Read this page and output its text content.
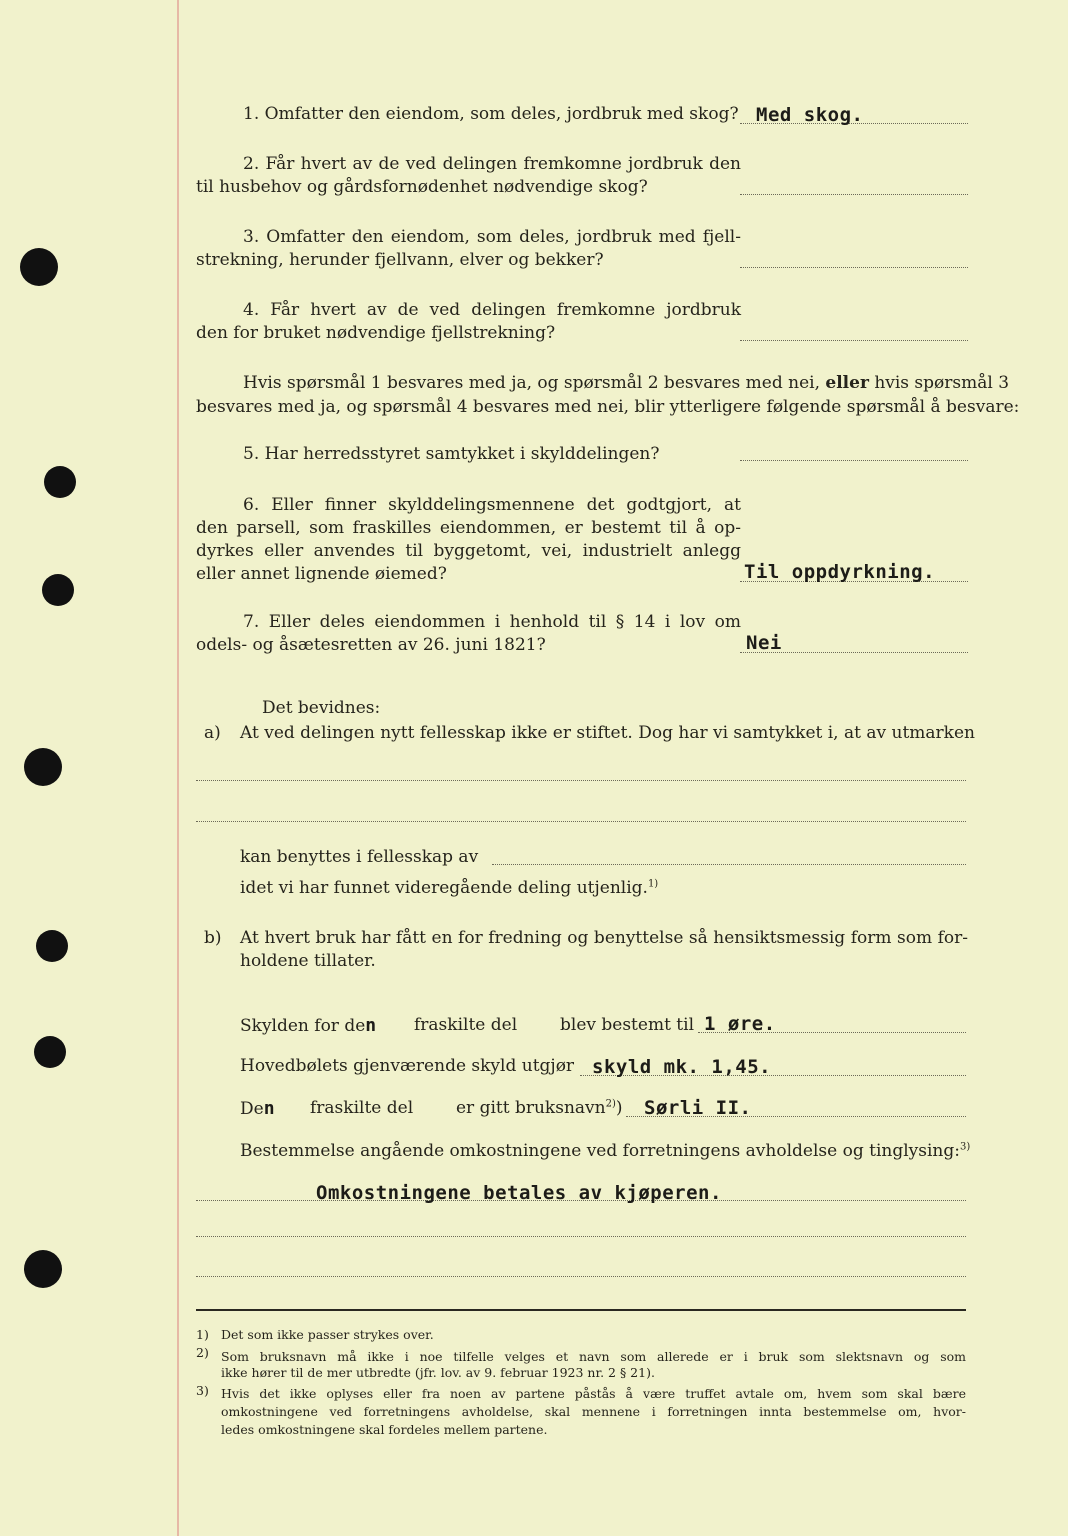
1. Omfatter den eiendom, som deles, jordbruk med skog? Med skog.
2. Får hvert av de ved delingen fremkomne jordbruk den
til husbehov og gårdsfornødenhet nødvendige skog?
3. Omfatter den eiendom, som deles, jordbruk med fjell-
strekning, herunder fjellvann, elver og bekker?
4. Får hvert av de ved delingen fremkomne jordbruk
den for bruket nødvendige fjellstrekning?
Hvis spørsmål 1 besvares med ja, og spørsmål 2 besvares med nei, eller hvis spørsmål 3
besvares med ja, og spørsmål 4 besvares med nei, blir ytterligere følgende spørsmål å besvare:
5. Har herredsstyret samtykket i skylddelingen?
6. Eller finner skylddelingsmennene det godtgjort, at
den parsell, som fraskilles eiendommen, er bestemt til å op-
dyrkes eller anvendes til byggetomt, vei, industrielt anlegg
eller annet lignende øiemed?	Til oppdyrkning.
7. Eller deles eiendommen i henhold til § 14 i lov om
odels- og åsætesretten av 26. juni 1821?	Nei
Det bevidnes:
a) At ved delingen nytt fellesskap ikke er stiftet. Dog har vi samtykket i, at av utmarken
kan benyttes i fellesskap av
idet vi har funnet videregående deling utjenlig.$^{1)}$
b) At hvert bruk har fått en for fredning og benyttelse så hensiktsmessig form som for-
holdene tillater.
Skylden for den fraskilte del	blev bestemt til 1 øre.
Hovedbølets gjenværende skyld utgjør skyld mk. 1,45.
Den fraskilte del	er gitt bruksnavn$^{2)}$) Sørli II.
Bestemmelse angående omkostningene ved forretningens avholdelse og tinglysing:$^{3)}$
Omkostningene betales av kjøperen.
1) Det som ikke passer strykes over.
2) Som bruksnavn må ikke i noe tilfelle velges et navn som allerede er i bruk som slektsnavn og som
ikke hører til de mer utbredte (jfr. lov. av 9. februar 1923 nr. 2 § 21).
3) Hvis det ikke oplyses eller fra noen av partene påstås å være truffet avtale om, hvem som skal bære
omkostningene ved forretningens avholdelse, skal mennene i forretningen innta bestemmelse om, hvor-
ledes omkostningene skal fordeles mellem partene.
